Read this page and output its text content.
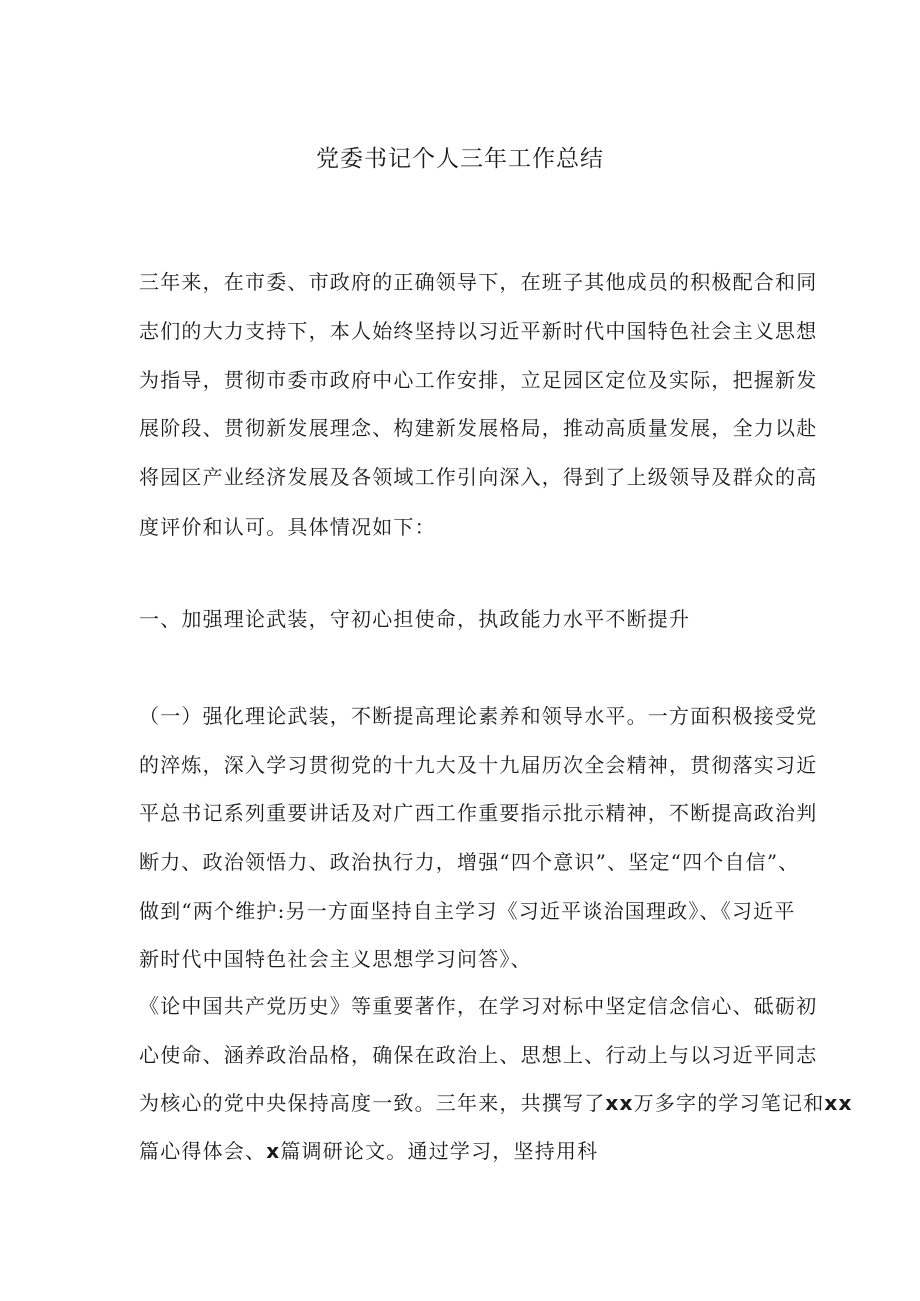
党委书记个人三年工作总结
三年来，在市委、市政府的正确领导下，在班子其他成员的积极配合和同
志们的大力支持下，本人始终坚持以习近平新时代中国特色社会主义思想
为指导，贯彻市委市政府中心工作安排，立足园区定位及实际，把握新发
展阶段、贯彻新发展理念、构建新发展格局，推动高质量发展，全力以赴
将园区产业经济发展及各领域工作引向深入，得到了上级领导及群众的高
度评价和认可。具体情况如下：
一、加强理论武装，守初心担使命，执政能力水平不断提升
（一）强化理论武装，不断提高理论素养和领导水平。一方面积极接受党
的淬炼，深入学习贯彻党的十九大及十九届历次全会精神，贯彻落实习近
平总书记系列重要讲话及对广西工作重要指示批示精神，不断提高政治判
断力、政治领悟力、政治执行力，增强“四个意识”、坚定“四个自信”、
做到“两个维护:另一方面坚持自主学习《习近平谈治国理政》、《习近平
新时代中国特色社会主义思想学习问答》、
《论中国共产党历史》等重要著作，在学习对标中坚定信念信心、砥砺初
心使命、涵养政治品格，确保在政治上、思想上、行动上与以习近平同志
为核心的党中央保持高度一致。三年来，共撰写了xx万多字的学习笔记和xx
篇心得体会、x篇调研论文。通过学习，坚持用科
